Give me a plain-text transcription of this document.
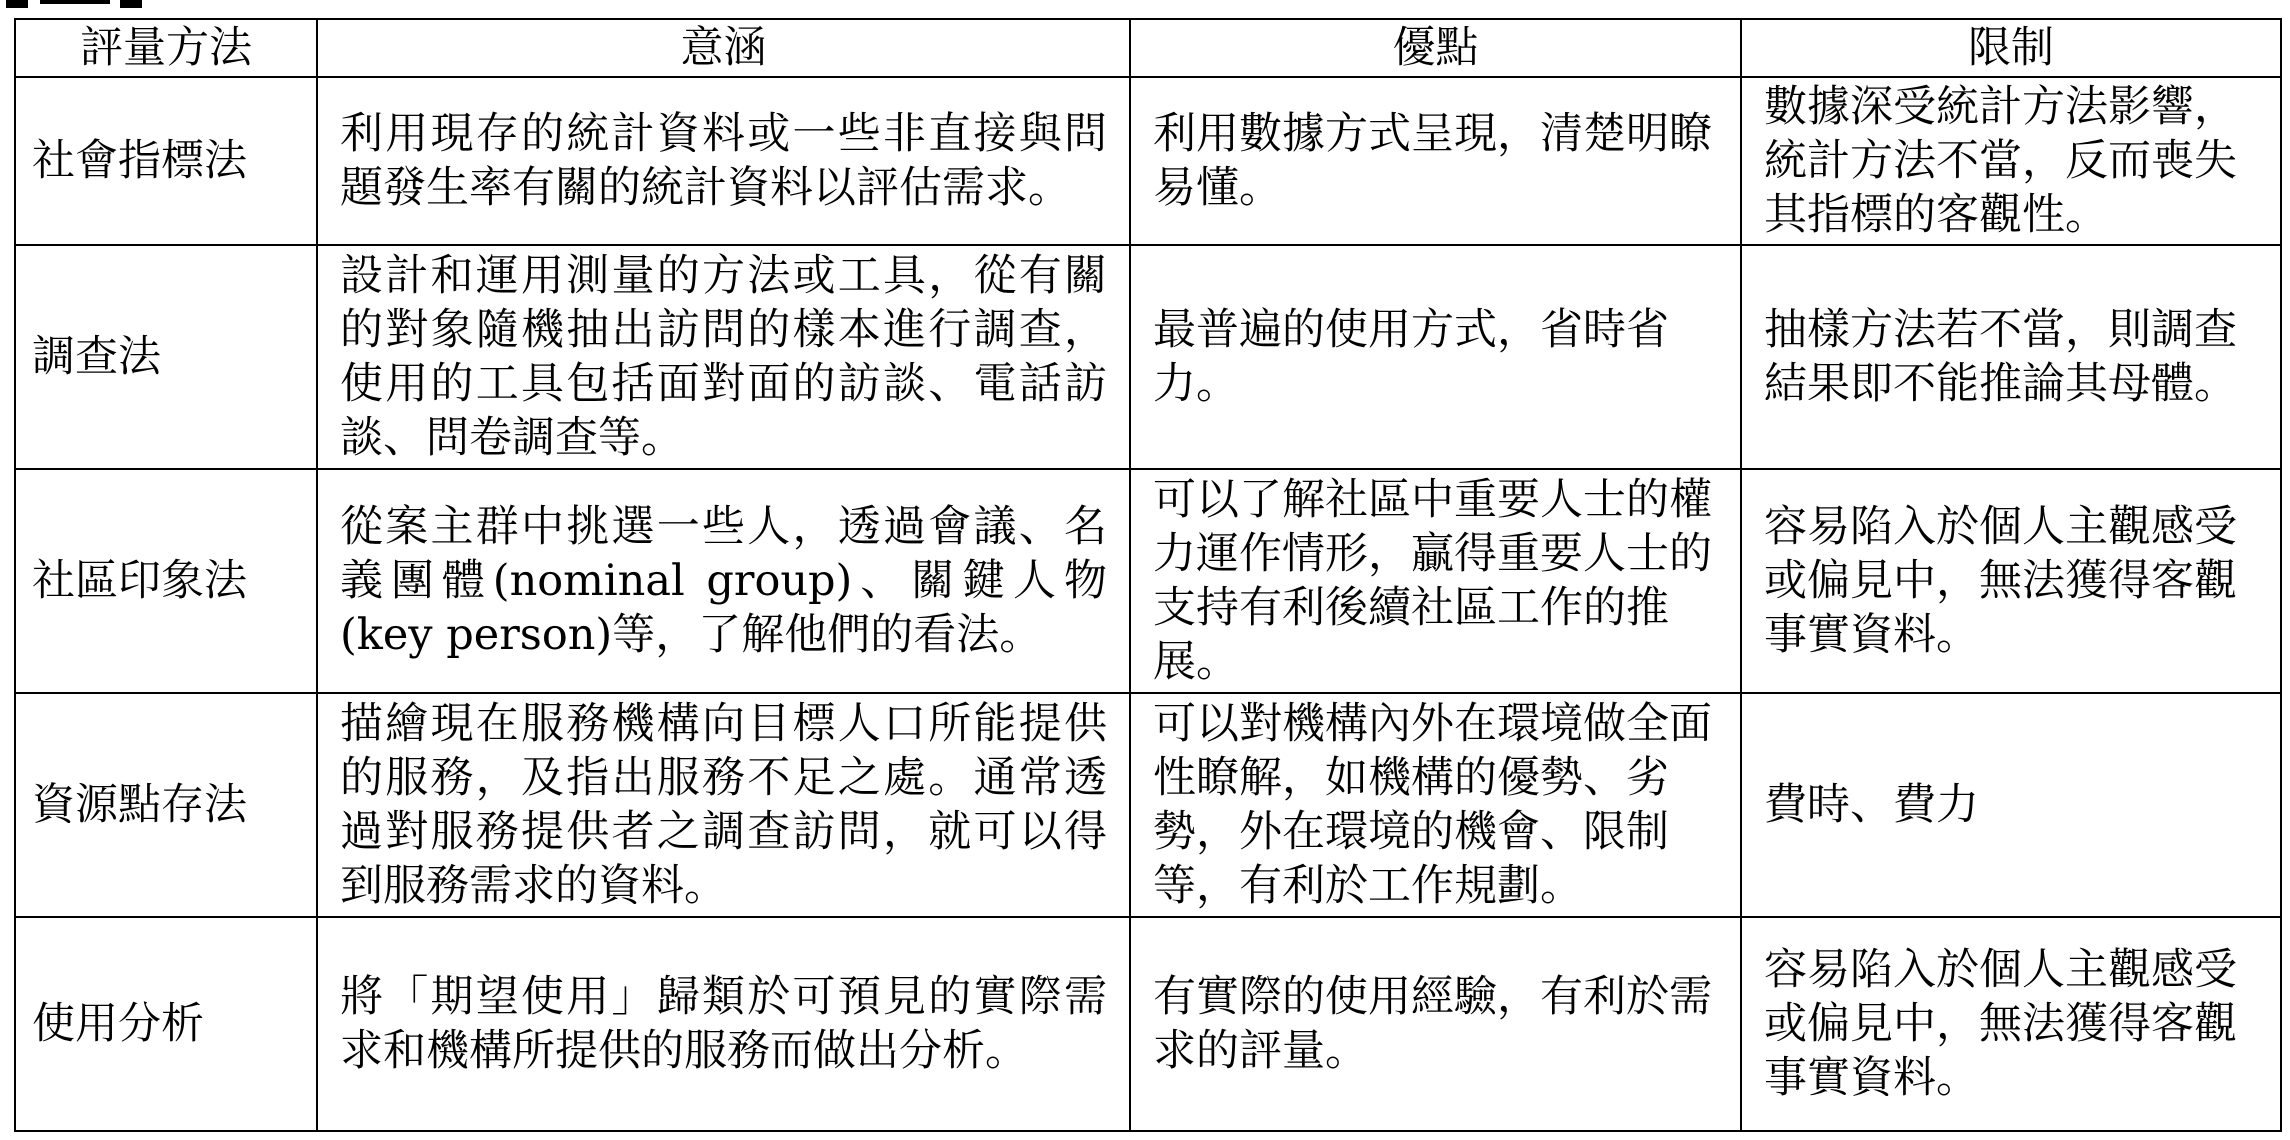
評量方法	意涵	優點	限制
社會指標法	利用現存的統計資料或一些非直接與問題發生率有關的統計資料以評估需求。	利用數據方式呈現，清楚明瞭易懂。	數據深受統計方法影響，統計方法不當，反而喪失其指標的客觀性。
調查法	設計和運用測量的方法或工具，從有關的對象隨機抽出訪問的樣本進行調查，使用的工具包括面對面的訪談、電話訪談、問卷調查等。	最普遍的使用方式，省時省力。	抽樣方法若不當，則調查結果即不能推論其母體。
社區印象法	從案主群中挑選一些人，透過會議、名義團體(nominal group)、關鍵人物(key person)等，了解他們的看法。	可以了解社區中重要人士的權力運作情形，贏得重要人士的支持有利後續社區工作的推展。	容易陷入於個人主觀感受或偏見中，無法獲得客觀事實資料。
資源點存法	描繪現在服務機構向目標人口所能提供的服務，及指出服務不足之處。通常透過對服務提供者之調查訪問，就可以得到服務需求的資料。	可以對機構內外在環境做全面性瞭解，如機構的優勢、劣勢，外在環境的機會、限制等，有利於工作規劃。	費時、費力
使用分析	將「期望使用」歸類於可預見的實際需求和機構所提供的服務而做出分析。	有實際的使用經驗，有利於需求的評量。	容易陷入於個人主觀感受或偏見中，無法獲得客觀事實資料。
